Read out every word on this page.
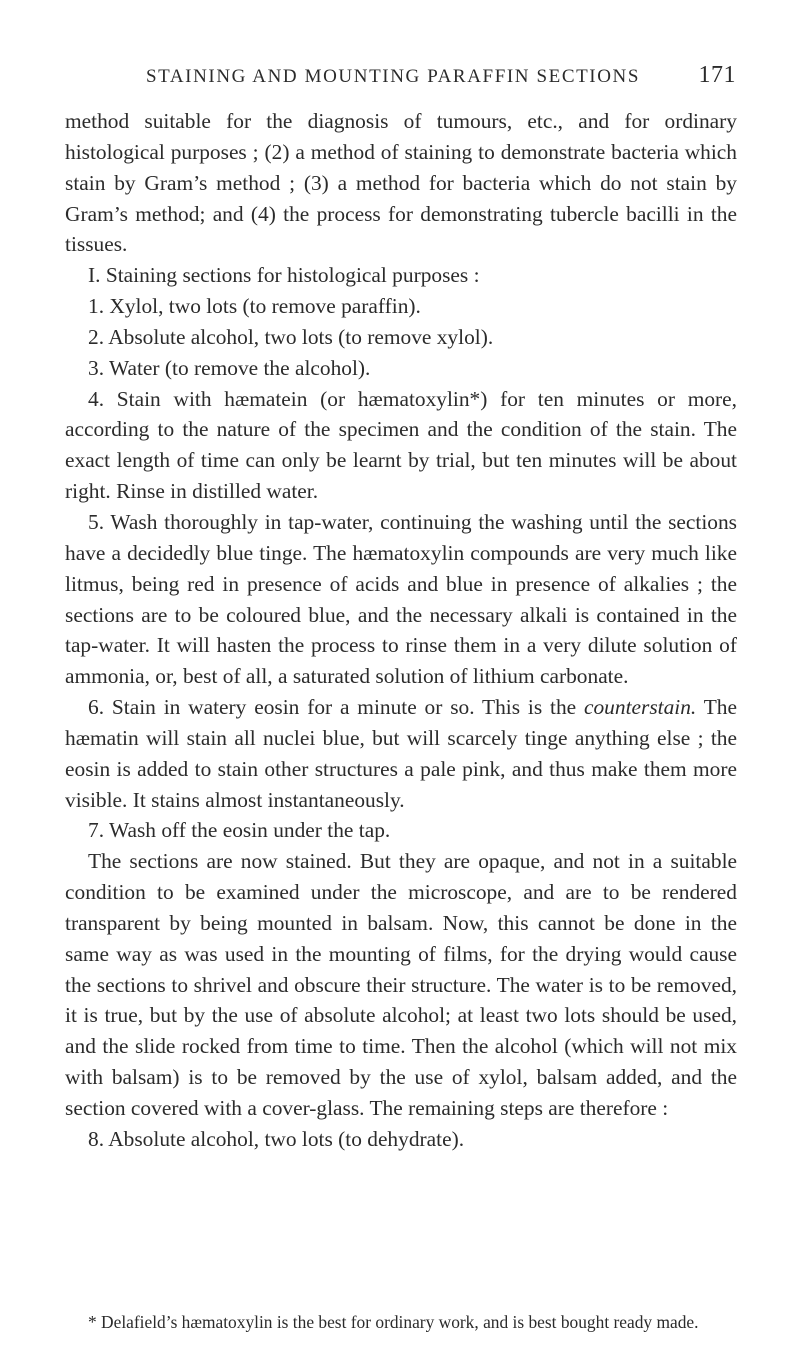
STAINING AND MOUNTING PARAFFIN SECTIONS 171

method suitable for the diagnosis of tumours, etc., and for ordinary histological purposes ; (2) a method of staining to demonstrate bacteria which stain by Gram’s method ; (3) a method for bacteria which do not stain by Gram’s method; and (4) the process for demonstrating tubercle bacilli in the tissues.

I. Staining sections for histological purposes :

1. Xylol, two lots (to remove paraffin).

2. Absolute alcohol, two lots (to remove xylol).

3. Water (to remove the alcohol).

4. Stain with hæmatein (or hæmatoxylin*) for ten minutes or more, according to the nature of the specimen and the condition of the stain. The exact length of time can only be learnt by trial, but ten minutes will be about right. Rinse in distilled water.

5. Wash thoroughly in tap-water, continuing the washing until the sections have a decidedly blue tinge. The hæmatoxylin compounds are very much like litmus, being red in presence of acids and blue in presence of alkalies ; the sections are to be coloured blue, and the necessary alkali is contained in the tap-water. It will hasten the process to rinse them in a very dilute solution of ammonia, or, best of all, a saturated solution of lithium carbonate.

6. Stain in watery eosin for a minute or so. This is the counterstain. The hæmatin will stain all nuclei blue, but will scarcely tinge anything else ; the eosin is added to stain other structures a pale pink, and thus make them more visible. It stains almost instantaneously.

7. Wash off the eosin under the tap.

The sections are now stained. But they are opaque, and not in a suitable condition to be examined under the microscope, and are to be rendered transparent by being mounted in balsam. Now, this cannot be done in the same way as was used in the mounting of films, for the drying would cause the sections to shrivel and obscure their structure. The water is to be removed, it is true, but by the use of absolute alcohol; at least two lots should be used, and the slide rocked from time to time. Then the alcohol (which will not mix with balsam) is to be removed by the use of xylol, balsam added, and the section covered with a cover-glass. The remaining steps are therefore :

8. Absolute alcohol, two lots (to dehydrate).

* Delafield’s hæmatoxylin is the best for ordinary work, and is best bought ready made.
